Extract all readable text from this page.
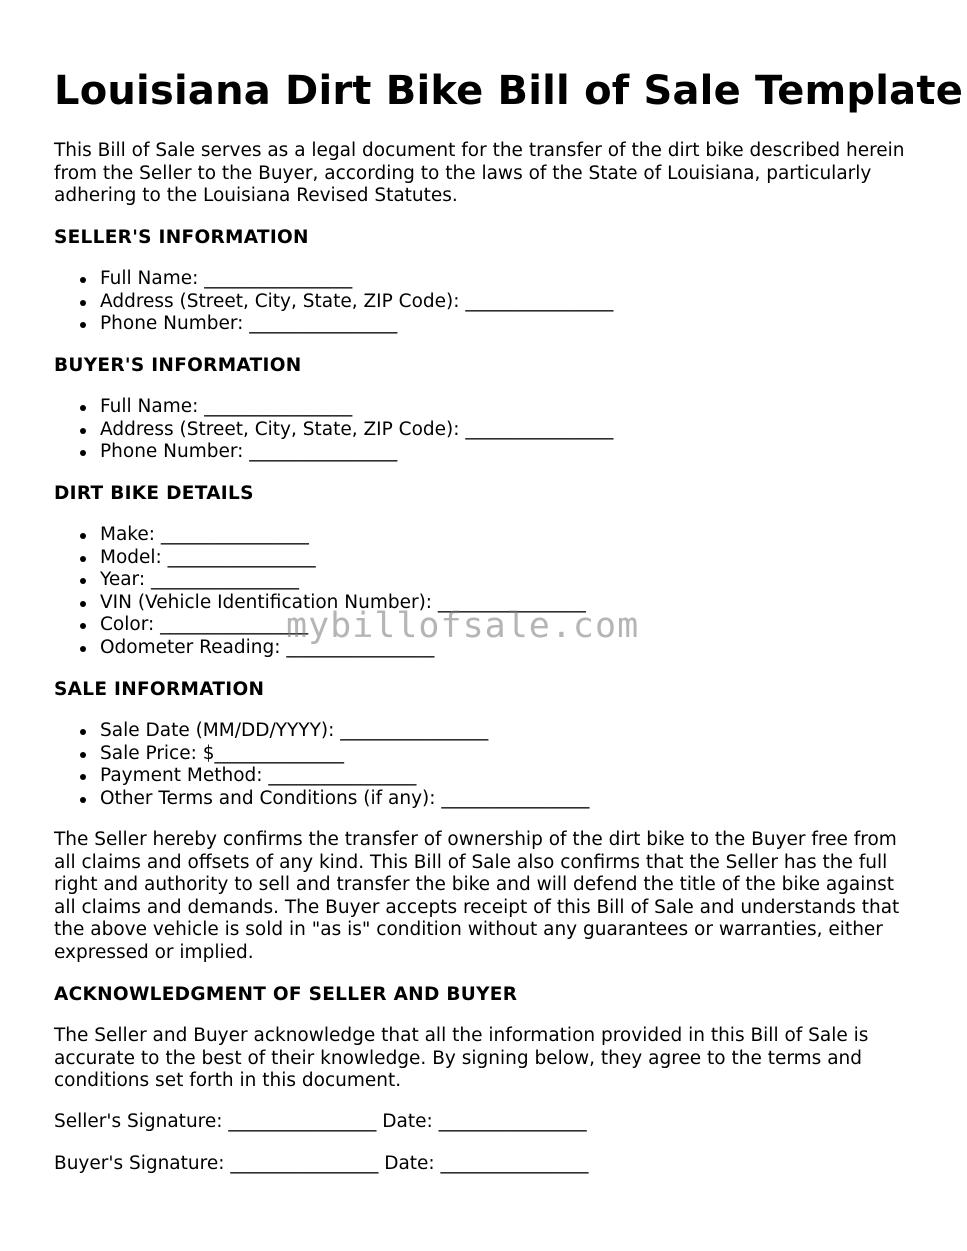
Louisiana Dirt Bike Bill of Sale Template

This Bill of Sale serves as a legal document for the transfer of the dirt bike described herein from the Seller to the Buyer, according to the laws of the State of Louisiana, particularly adhering to the Louisiana Revised Statutes.

SELLER'S INFORMATION
Full Name: ________________
Address (Street, City, State, ZIP Code): ________________
Phone Number: ________________
BUYER'S INFORMATION
Full Name: ________________
Address (Street, City, State, ZIP Code): ________________
Phone Number: ________________
DIRT BIKE DETAILS
Make: ________________
Model: ________________
Year: ________________
VIN (Vehicle Identification Number): ________________
Color: ________________
Odometer Reading: ________________
SALE INFORMATION
Sale Date (MM/DD/YYYY): ________________
Sale Price: $______________
Payment Method: ________________
Other Terms and Conditions (if any): ________________

The Seller hereby confirms the transfer of ownership of the dirt bike to the Buyer free from all claims and offsets of any kind. This Bill of Sale also confirms that the Seller has the full right and authority to sell and transfer the bike and will defend the title of the bike against all claims and demands. The Buyer accepts receipt of this Bill of Sale and understands that the above vehicle is sold in "as is" condition without any guarantees or warranties, either expressed or implied.

ACKNOWLEDGMENT OF SELLER AND BUYER

The Seller and Buyer acknowledge that all the information provided in this Bill of Sale is accurate to the best of their knowledge. By signing below, they agree to the terms and conditions set forth in this document.

Seller's Signature: ________________ Date: ________________
Buyer's Signature: ________________ Date: ________________
mybillofsale.com
